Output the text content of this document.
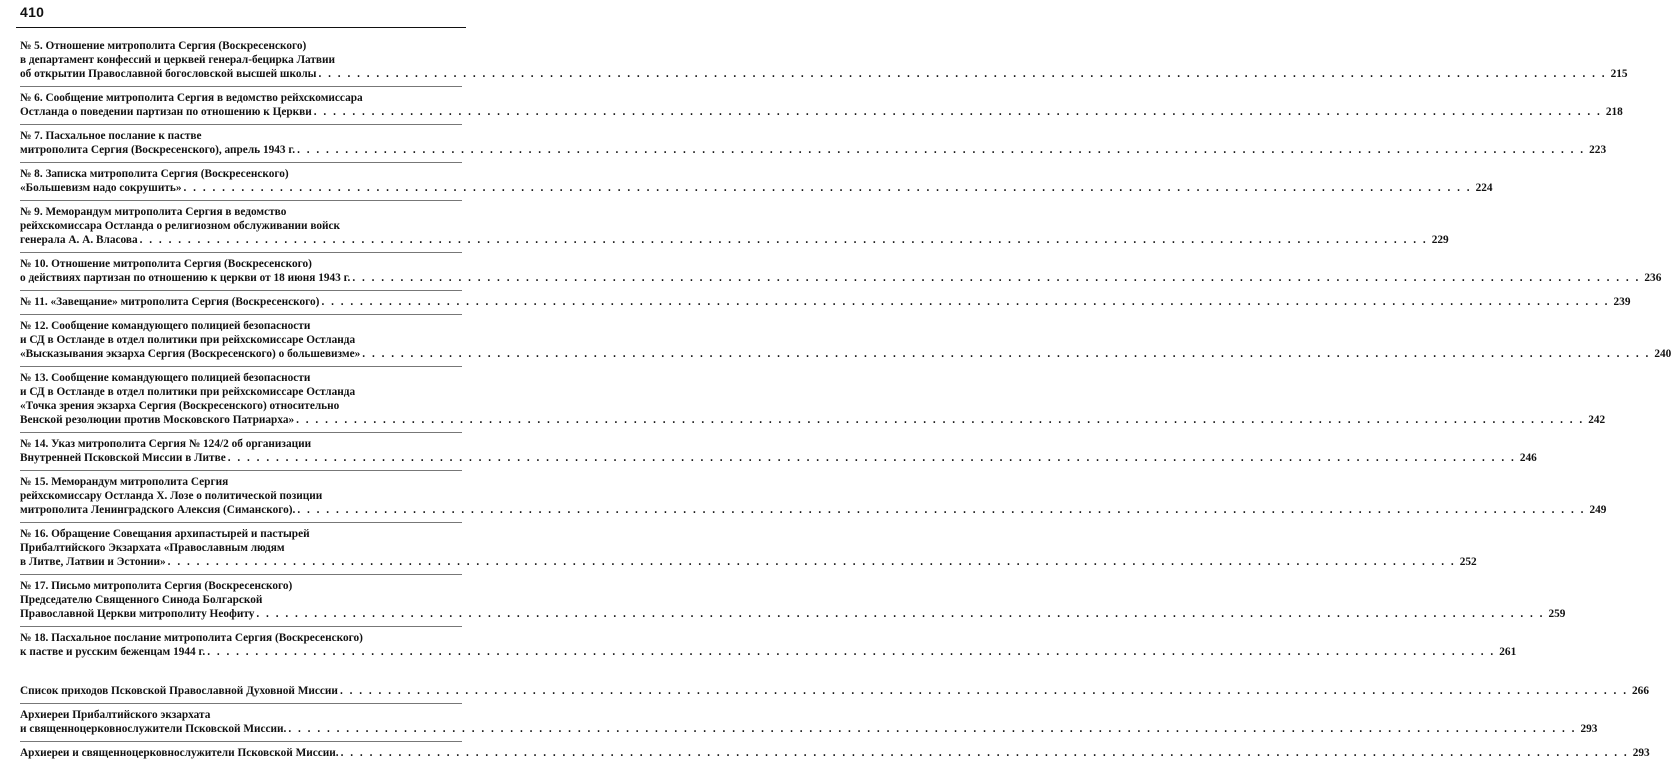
410
№ 5. Отношение митрополита Сергия (Воскресенского)
в департамент конфессий и церквей генерал-бецирка Латвии
об открытии Православной богословской высшей школы . . .	215
№ 6. Сообщение митрополита Сергия в ведомство рейхскомиссара
Остланда о поведении партизан по отношению к Церкви . . .	218
№ 7. Пасхальное послание к пастве
митрополита Сергия (Воскресенского), апрель 1943 г. . . .	223
№ 8. Записка митрополита Сергия (Воскресенского)
«Большевизм надо сокрушить» . . .	224
№ 9. Меморандум митрополита Сергия в ведомство
рейхскомиссара Остланда о религиозном обслуживании войск
генерала А. А. Власова . . .	229
№ 10. Отношение митрополита Сергия (Воскресенского)
о действиях партизан по отношению к церкви от 18 июня 1943 г. . . .	236
№ 11. «Завещание» митрополита Сергия (Воскресенского) . . .	239
№ 12. Сообщение командующего полицией безопасности
и СД в Остланде в отдел политики при рейхскомиссаре Остланда
«Высказывания экзарха Сергия (Воскресенского) о большевизме» . . .	240
№ 13. Сообщение командующего полицией безопасности
и СД в Остланде в отдел политики при рейхскомиссаре Остланда
«Точка зрения экзарха Сергия (Воскресенского) относительно
Венской резолюции против Московского Патриарха» . . .	242
№ 14. Указ митрополита Сергия № 124/2 об организации
Внутренней Псковской Миссии в Литве . . .	246
№ 15. Меморандум митрополита Сергия
рейхскомиссару Остланда Х. Лозе о политической позиции
митрополита Ленинградского Алексия (Симанского). . . .	249
№ 16. Обращение Совещания архипастырей и пастырей
Прибалтийского Экзархата «Православным людям
в Литве, Латвии и Эстонии» . . .	252
№ 17. Письмо митрополита Сергия (Воскресенского)
Председателю Священного Синода Болгарской
Православной Церкви митрополиту Неофиту . . .	259
№ 18. Пасхальное послание митрополита Сергия (Воскресенского)
к пастве и русским беженцам 1944 г. . . .	261
Список приходов Псковской Православной Духовной Миссии . . .	266
Архиереи Прибалтийского экзархата
и священноцерковнослужители Псковской Миссии. . . .	293
Архиереи и священноцерковнослужители Псковской Миссии. . . .	293
